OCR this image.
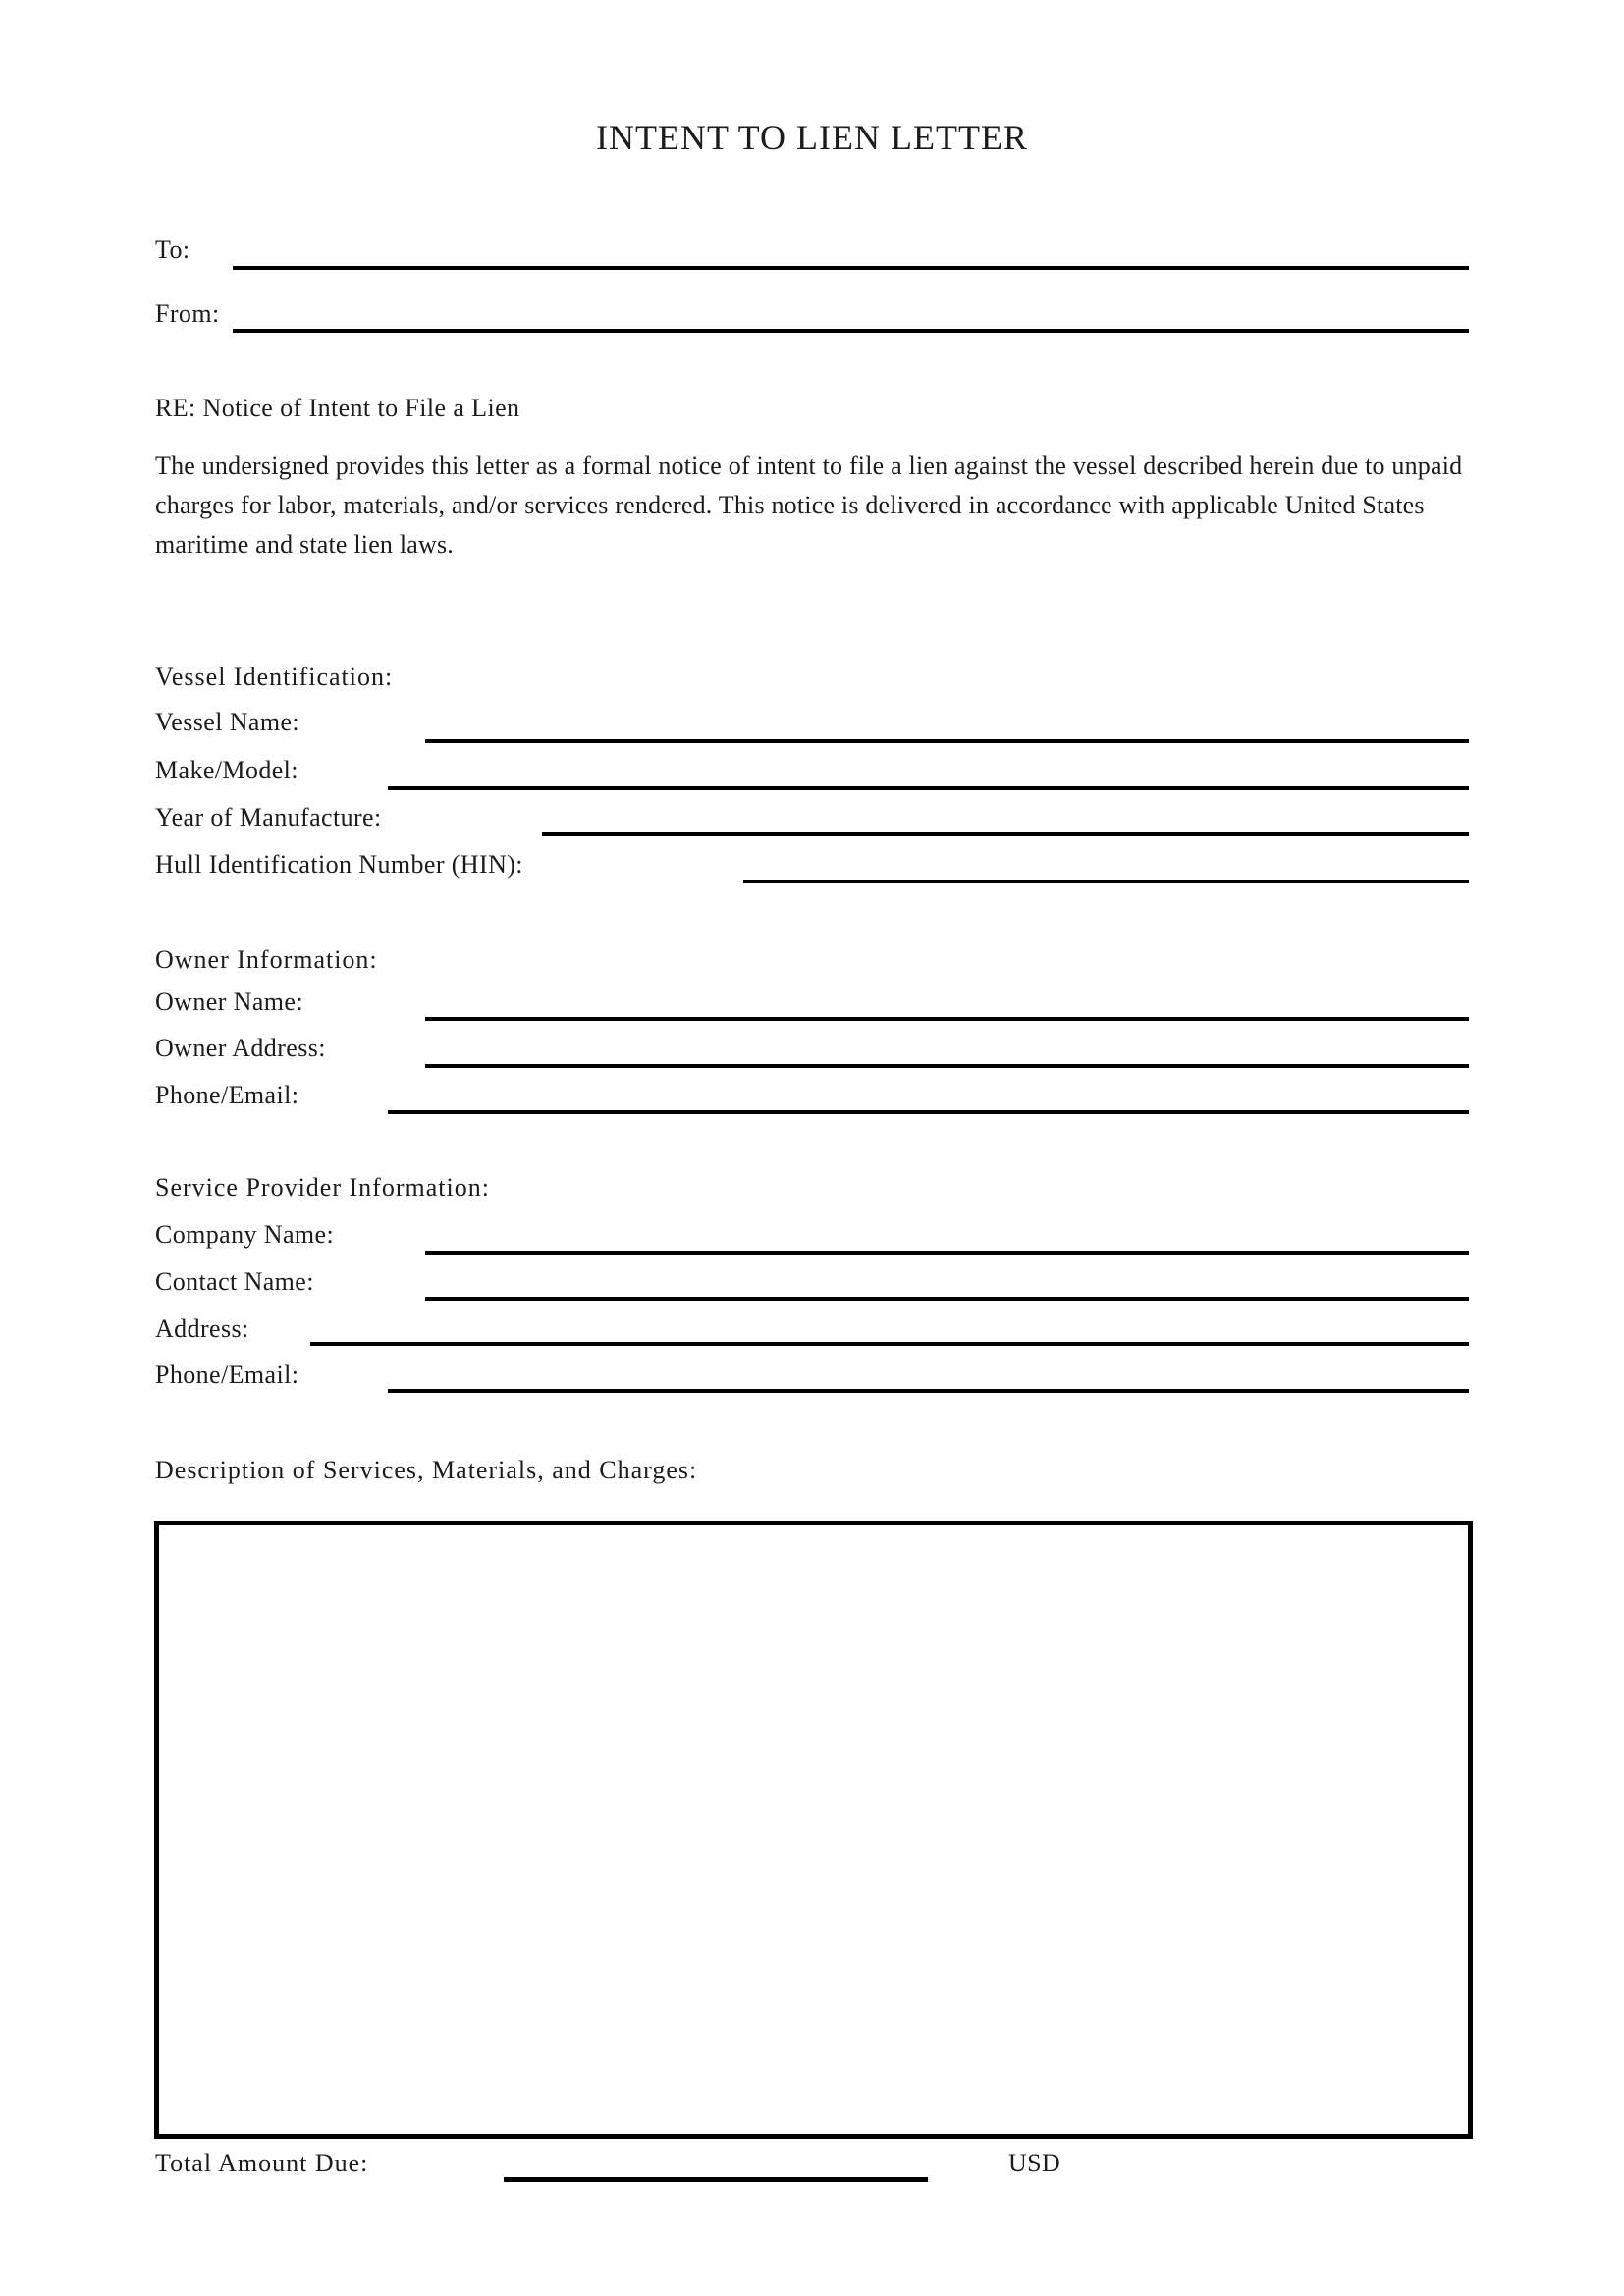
INTENT TO LIEN LETTER
To:
From:
RE: Notice of Intent to File a Lien
The undersigned provides this letter as a formal notice of intent to file a lien against the vessel described herein due to unpaid charges for labor, materials, and/or services rendered. This notice is delivered in accordance with applicable United States maritime and state lien laws.
Vessel Identification:
Vessel Name:
Make/Model:
Year of Manufacture:
Hull Identification Number (HIN):
Owner Information:
Owner Name:
Owner Address:
Phone/Email:
Service Provider Information:
Company Name:
Contact Name:
Address:
Phone/Email:
Description of Services, Materials, and Charges:
Total Amount Due:	USD
